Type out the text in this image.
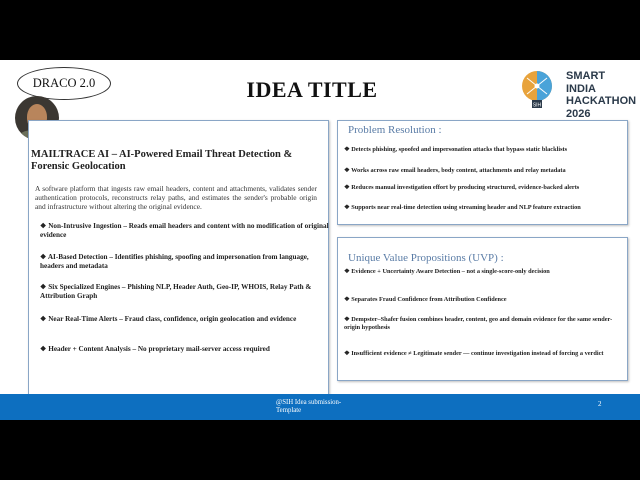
DRACO 2.0	IDEA TITLE
SIH
SMART INDIA
HACKATHON
2026
MAILTRACE AI – AI-Powered Email Threat Detection & Forensic Geolocation
A software platform that ingests raw email headers, content and attachments, validates sender authentication protocols, reconstructs relay paths, and estimates the sender's probable origin and infrastructure without altering the original evidence.
❖ Non-Intrusive Ingestion – Reads email headers and content with no modification of original evidence
❖ AI-Based Detection – Identifies phishing, spoofing and impersonation from language, headers and metadata
❖ Six Specialized Engines – Phishing NLP, Header Auth, Geo-IP, WHOIS, Relay Path & Attribution Graph
❖ Near Real-Time Alerts – Fraud class, confidence, origin geolocation and evidence
❖ Header + Content Analysis – No proprietary mail-server access required
Problem Resolution :
❖ Detects phishing, spoofed and impersonation attacks that bypass static blacklists
❖ Works across raw email headers, body content, attachments and relay metadata
❖ Reduces manual investigation effort by producing structured, evidence-backed alerts
❖ Supports near real-time detection using streaming header and NLP feature extraction
Unique Value Propositions (UVP) :
❖ Evidence + Uncertainty Aware Detection – not a single-score-only decision
❖ Separates Fraud Confidence from Attribution Confidence
❖ Dempster–Shafer fusion combines header, content, geo and domain evidence for the same sender-origin hypothesis
❖ Insufficient evidence ≠ Legitimate sender — continue investigation instead of forcing a verdict
@SIH Idea submission-
Template
2
